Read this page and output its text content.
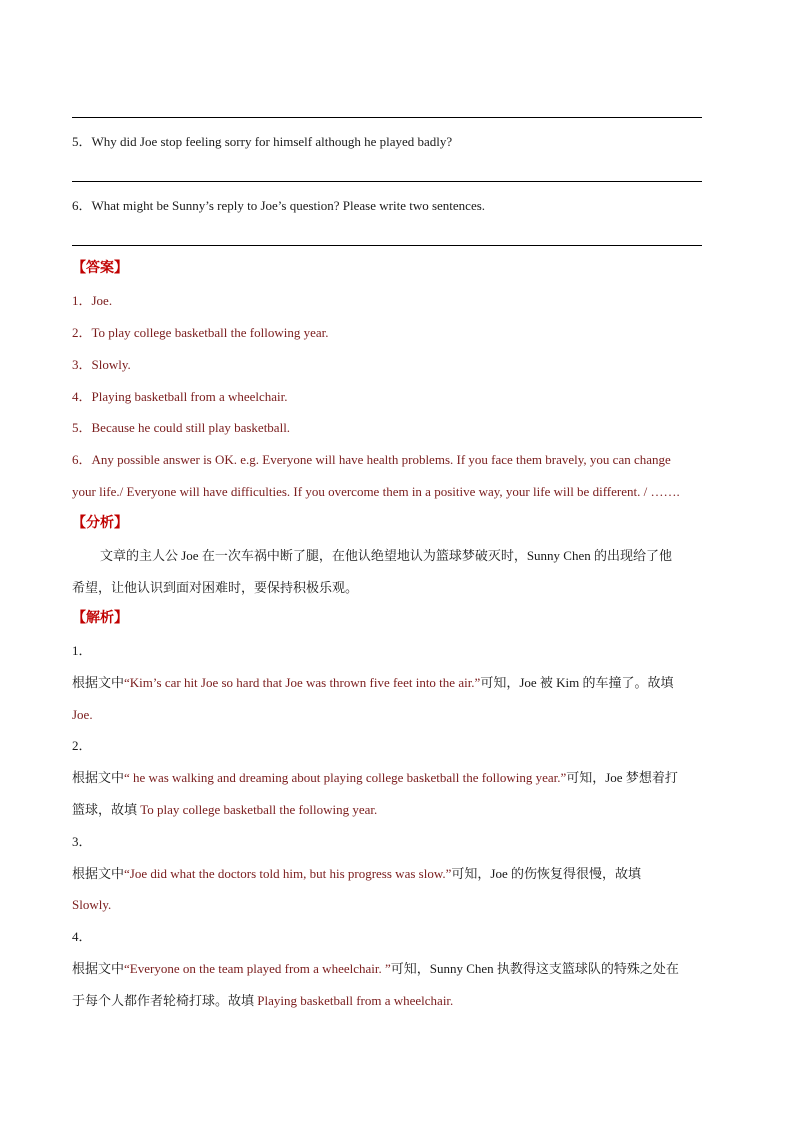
5．Why did Joe stop feeling sorry for himself although he played badly?
6．What might be Sunny’s reply to Joe’s question? Please write two sentences.
【答案】
1．Joe.
2．To play college basketball the following year.
3．Slowly.
4．Playing basketball from a wheelchair.
5．Because he could still play basketball.
6．Any possible answer is OK. e.g. Everyone will have health problems. If you face them bravely, you can change
your life./ Everyone will have difficulties. If you overcome them in a positive way, your life will be different. / …….
【分析】
文章的主人公 Joe 在一次车祸中断了腿，在他认绝望地认为篮球梦破灭时，Sunny Chen 的出现给了他
希望，让他认识到面对困难时，要保持积极乐观。
【解析】
1．
根据文中“Kim’s car hit Joe so hard that Joe was thrown five feet into the air.”可知，Joe 被 Kim 的车撞了。故填
Joe.
2．
根据文中“ he was walking and dreaming about playing college basketball the following year.”可知，Joe 梦想着打
篮球，故填 To play college basketball the following year.
3．
根据文中“Joe did what the doctors told him, but his progress was slow.”可知，Joe 的伤恢复得很慢，故填
Slowly.
4．
根据文中“Everyone on the team played from a wheelchair. ”可知，Sunny Chen 执教得这支篮球队的特殊之处在
于每个人都作者轮椅打球。故填 Playing basketball from a wheelchair.
